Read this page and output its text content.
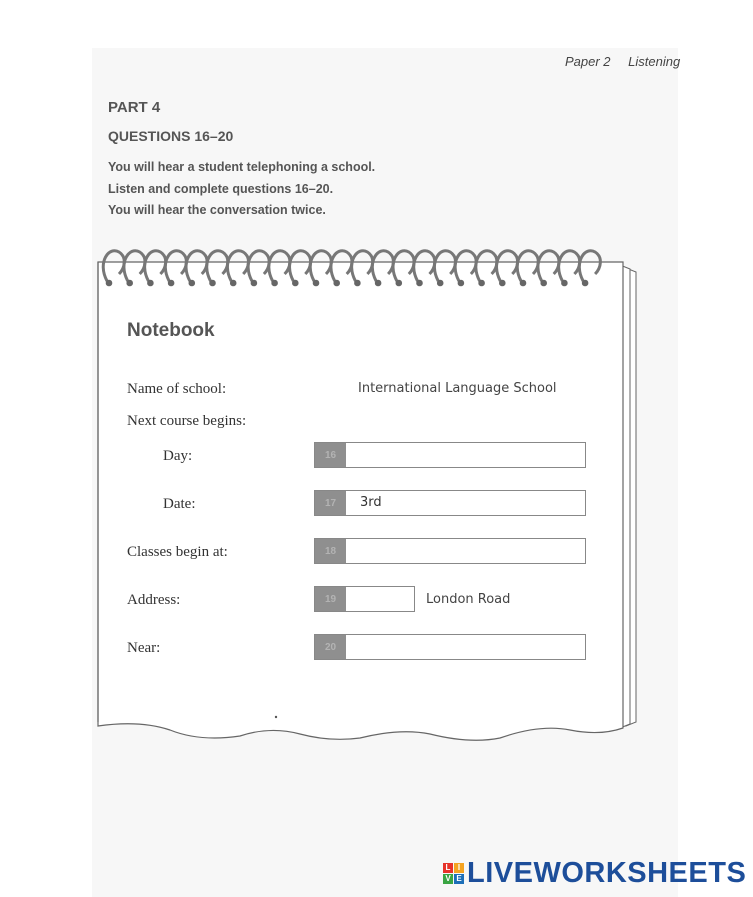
Paper 2 Listening
PART 4
QUESTIONS 16–20
You will hear a student telephoning a school.
Listen and complete questions 16–20.
You will hear the conversation twice.
Notebook
Name of school:	International Language School
Next course begins:
Day:	16
Date:	17	3rd
Classes begin at:	18
Address:	19	London Road
Near:	20
L I
V E LIVEWORKSHEETS
